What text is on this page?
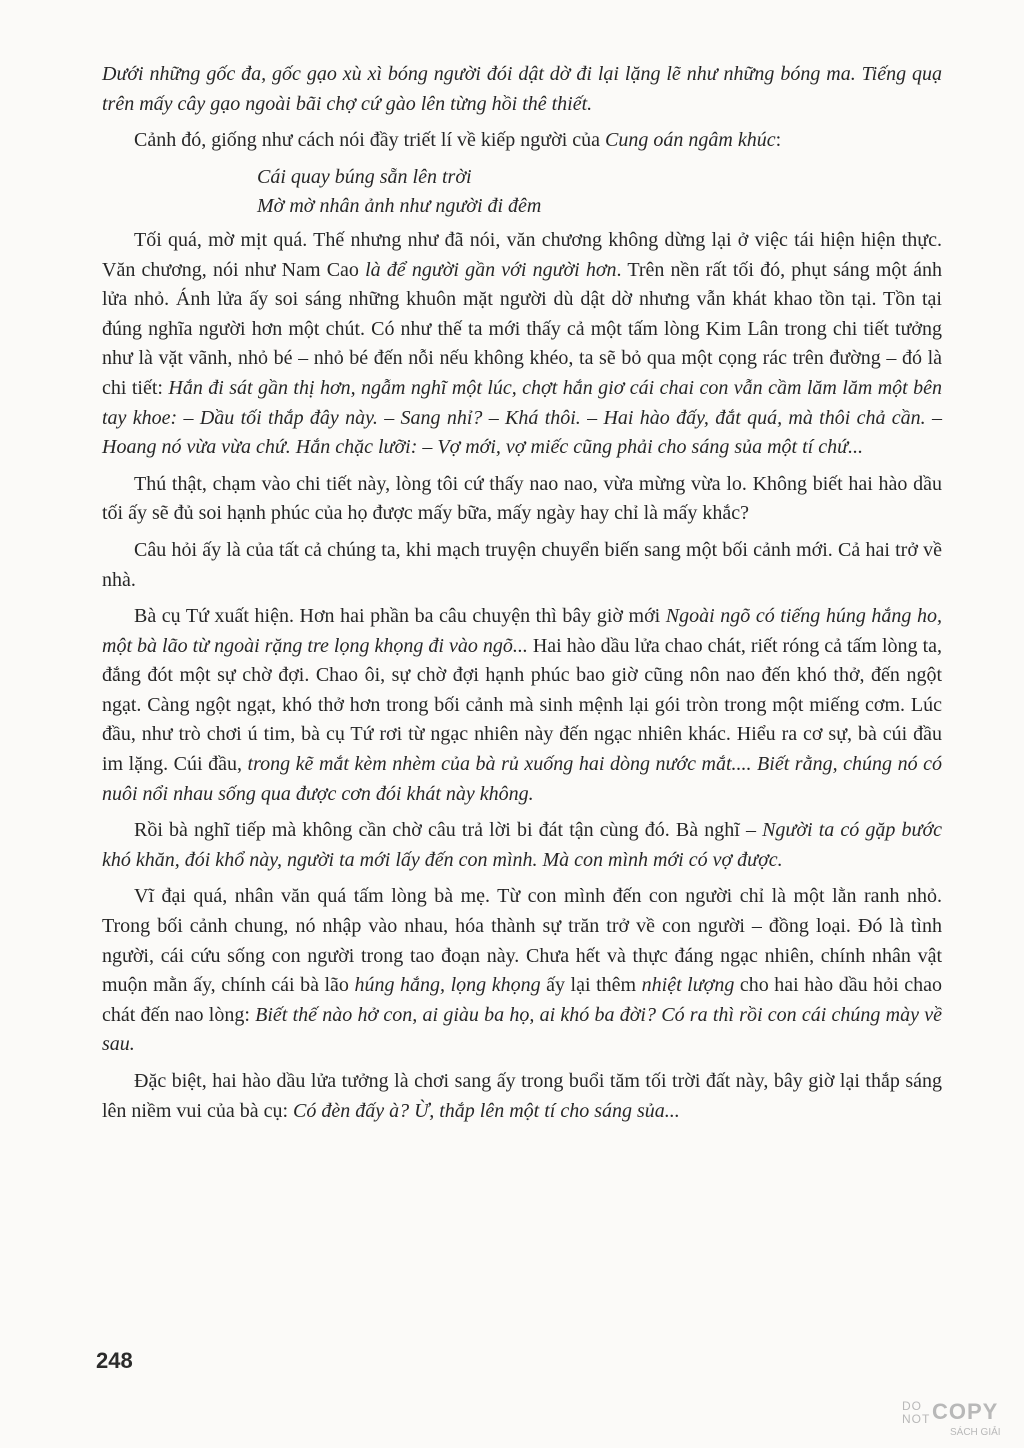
Dưới những gốc đa, gốc gạo xù xì bóng người đói dật dờ đi lại lặng lẽ như những bóng ma. Tiếng quạ trên mấy cây gạo ngoài bãi chợ cứ gào lên từng hồi thê thiết.

Cảnh đó, giống như cách nói đầy triết lí về kiếp người của Cung oán ngâm khúc:

Cái quay búng sẵn lên trời
Mờ mờ nhân ảnh như người đi đêm

Tối quá, mờ mịt quá. Thế nhưng như đã nói, văn chương không dừng lại ở việc tái hiện hiện thực. Văn chương, nói như Nam Cao là để người gần với người hơn. Trên nền rất tối đó, phụt sáng một ánh lửa nhỏ. Ánh lửa ấy soi sáng những khuôn mặt người dù dật dờ nhưng vẫn khát khao tồn tại. Tồn tại đúng nghĩa người hơn một chút. Có như thế ta mới thấy cả một tấm lòng Kim Lân trong chi tiết tưởng như là vặt vãnh, nhỏ bé – nhỏ bé đến nỗi nếu không khéo, ta sẽ bỏ qua một cọng rác trên đường – đó là chi tiết: Hắn đi sát gần thị hơn, ngẫm nghĩ một lúc, chợt hắn giơ cái chai con vẫn cầm lăm lăm một bên tay khoe: – Dầu tối thắp đây này. – Sang nhỉ? – Khá thôi. – Hai hào đấy, đắt quá, mà thôi chả cần. – Hoang nó vừa vừa chứ. Hắn chặc lưỡi: – Vợ mới, vợ miếc cũng phải cho sáng sủa một tí chứ...

Thú thật, chạm vào chi tiết này, lòng tôi cứ thấy nao nao, vừa mừng vừa lo. Không biết hai hào dầu tối ấy sẽ đủ soi hạnh phúc của họ được mấy bữa, mấy ngày hay chỉ là mấy khắc?

Câu hỏi ấy là của tất cả chúng ta, khi mạch truyện chuyển biến sang một bối cảnh mới. Cả hai trở về nhà.

Bà cụ Tứ xuất hiện. Hơn hai phần ba câu chuyện thì bây giờ mới Ngoài ngõ có tiếng húng hắng ho, một bà lão từ ngoài rặng tre lọng khọng đi vào ngõ... Hai hào dầu lửa chao chát, riết róng cả tấm lòng ta, đắng đót một sự chờ đợi. Chao ôi, sự chờ đợi hạnh phúc bao giờ cũng nôn nao đến khó thở, đến ngột ngạt. Càng ngột ngạt, khó thở hơn trong bối cảnh mà sinh mệnh lại gói tròn trong một miếng cơm. Lúc đầu, như trò chơi ú tim, bà cụ Tứ rơi từ ngạc nhiên này đến ngạc nhiên khác. Hiểu ra cơ sự, bà cúi đầu im lặng. Cúi đầu, trong kẽ mắt kèm nhèm của bà rủ xuống hai dòng nước mắt.... Biết rằng, chúng nó có nuôi nổi nhau sống qua được cơn đói khát này không.

Rồi bà nghĩ tiếp mà không cần chờ câu trả lời bi đát tận cùng đó. Bà nghĩ – Người ta có gặp bước khó khăn, đói khổ này, người ta mới lấy đến con mình. Mà con mình mới có vợ được.

Vĩ đại quá, nhân văn quá tấm lòng bà mẹ. Từ con mình đến con người chỉ là một lằn ranh nhỏ. Trong bối cảnh chung, nó nhập vào nhau, hóa thành sự trăn trở về con người – đồng loại. Đó là tình người, cái cứu sống con người trong tao đoạn này. Chưa hết và thực đáng ngạc nhiên, chính nhân vật muộn mằn ấy, chính cái bà lão húng hắng, lọng khọng ấy lại thêm nhiệt lượng cho hai hào dầu hỏi chao chát đến nao lòng: Biết thế nào hở con, ai giàu ba họ, ai khó ba đời? Có ra thì rồi con cái chúng mày về sau.

Đặc biệt, hai hào dầu lửa tưởng là chơi sang ấy trong buổi tăm tối trời đất này, bây giờ lại thắp sáng lên niềm vui của bà cụ: Có đèn đấy à? Ừ, thắp lên một tí cho sáng sủa...

248
DO
NOT COPY
SÁCH GIẢI
